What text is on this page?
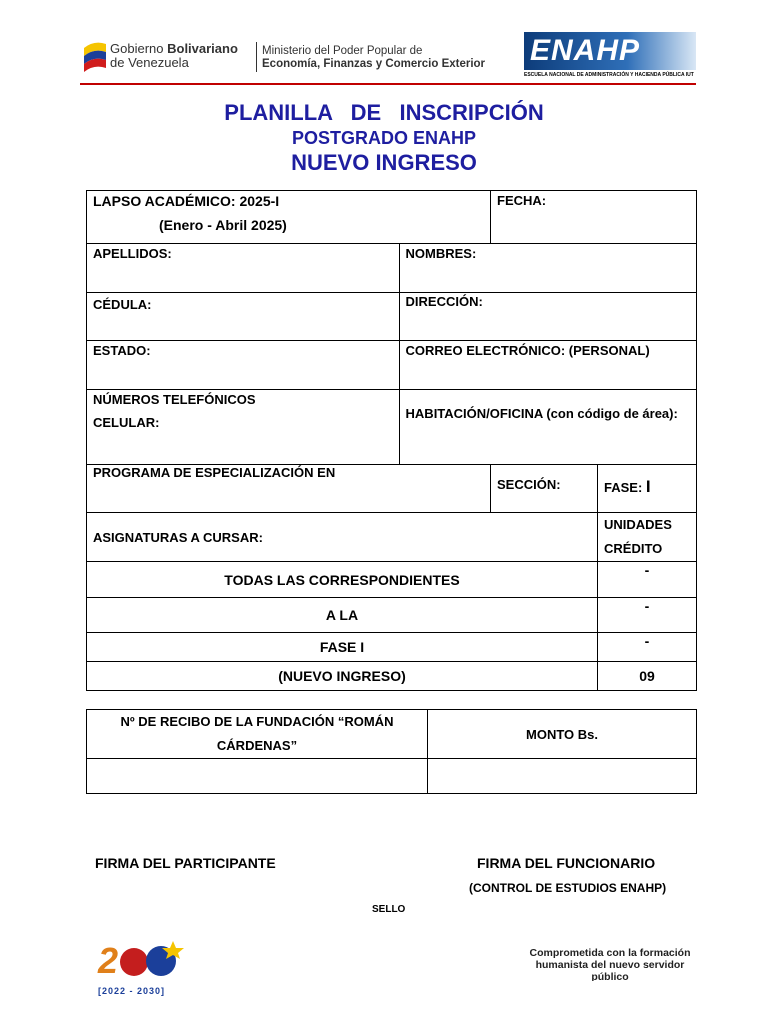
Gobierno Bolivariano
de Venezuela
Ministerio del Poder Popular de
Economía, Finanzas y Comercio Exterior ENAHP
ESCUELA NACIONAL DE ADMINISTRACIÓN Y HACIENDA PÚBLICA IUT
PLANILLA   DE   INSCRIPCIÓN
POSTGRADO ENAHP
NUEVO INGRESO
LAPSO ACADÉMICO: 2025-I
(Enero - Abril 2025)		FECHA:	

APELLIDOS:	NOMBRES:		

CÉDULA:	DIRECCIÓN:		

ESTADO:	CORREO ELECTRÓNICO: (PERSONAL)		

NÚMEROS TELEFÓNICOS
CELULAR:	HABITACIÓN/OFICINA (con código de área):		

PROGRAMA DE ESPECIALIZACIÓN EN		SECCIÓN:	FASE: I

ASIGNATURAS A CURSAR:			UNIDADES
CRÉDITO

TODAS LAS CORRESPONDIENTES			-
A LA			-
FASE I			-
(NUEVO INGRESO)			09
Nº DE RECIBO DE LA FUNDACIÓN “ROMÁN CÁRDENAS”	MONTO Bs.

FIRMA DEL PARTICIPANTE	FIRMA DEL FUNCIONARIO
(CONTROL DE ESTUDIOS ENAHP)
SELLO
2
[2022 - 2030]
Comprometida con la formación humanista del nuevo servidor público
